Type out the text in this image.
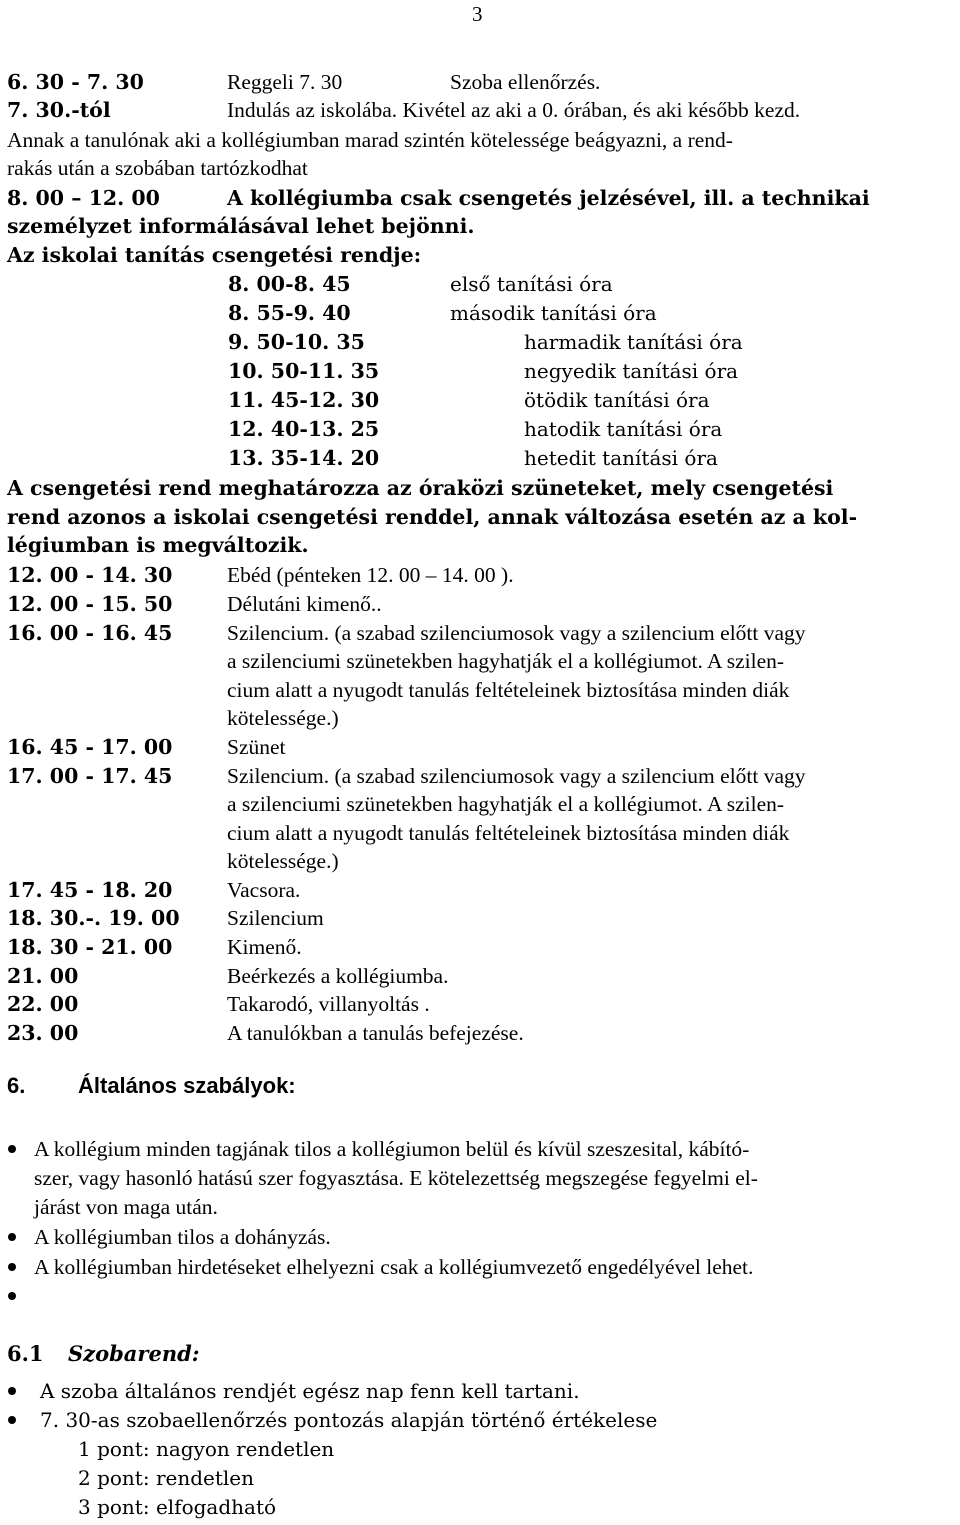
3
6. 30 - 7. 30	Reggeli 7. 30	Szoba ellenőrzés.
7. 30.-tól	Indulás az iskolába. Kivétel az aki a 0. órában, és aki később kezd.
Annak a tanulónak aki a kollégiumban marad szintén kötelessége beágyazni, a rend-
rakás után a szobában tartózkodhat
8. 00 – 12. 00	A kollégiumba csak csengetés jelzésével, ill. a technikai
személyzet informálásával lehet bejönni.
Az iskolai tanítás csengetési rendje:
8. 00-8. 45	első tanítási óra
8. 55-9. 40	második tanítási óra
9. 50-10. 35	harmadik tanítási óra
10. 50-11. 35	negyedik tanítási óra
11. 45-12. 30	ötödik tanítási óra
12. 40-13. 25	hatodik tanítási óra
13. 35-14. 20	hetedit tanítási óra
A csengetési rend meghatározza az óraközi szüneteket, mely csengetési
rend azonos a iskolai csengetési renddel, annak változása esetén az a kol-
légiumban is megváltozik.
12. 00 - 14. 30	Ebéd (pénteken 12. 00 – 14. 00 ).
12. 00 - 15. 50	Délutáni kimenő..
16. 00 - 16. 45	Szilencium. (a szabad szilenciumosok vagy a szilencium előtt vagy
a szilenciumi szünetekben hagyhatják el a kollégiumot. A szilen-
cium alatt a nyugodt tanulás feltételeinek biztosítása minden diák
kötelessége.)
16. 45 - 17. 00	Szünet
17. 00 - 17. 45	Szilencium. (a szabad szilenciumosok vagy a szilencium előtt vagy
a szilenciumi szünetekben hagyhatják el a kollégiumot. A szilen-
cium alatt a nyugodt tanulás feltételeinek biztosítása minden diák
kötelessége.)
17. 45 - 18. 20	Vacsora.
18. 30.-. 19. 00 Szilencium
18. 30 - 21. 00	Kimenő.
21. 00	Beérkezés a kollégiumba.
22. 00	Takarodó, villanyoltás .
23. 00	A tanulókban a tanulás befejezése.
6. Általános szabályok:
A kollégium minden tagjának tilos a kollégiumon belül és kívül szeszesital, kábító-
szer, vagy hasonló hatású szer fogyasztása. E kötelezettség megszegése fegyelmi el-
járást von maga után.
A kollégiumban tilos a dohányzás.
A kollégiumban hirdetéseket elhelyezni csak a kollégiumvezető engedélyével lehet.
6.1 Szobarend:
A szoba általános rendjét egész nap fenn kell tartani.
7. 30-as szobaellenőrzés pontozás alapján történő értékelese
1 pont: nagyon rendetlen
2 pont: rendetlen
3 pont: elfogadható
